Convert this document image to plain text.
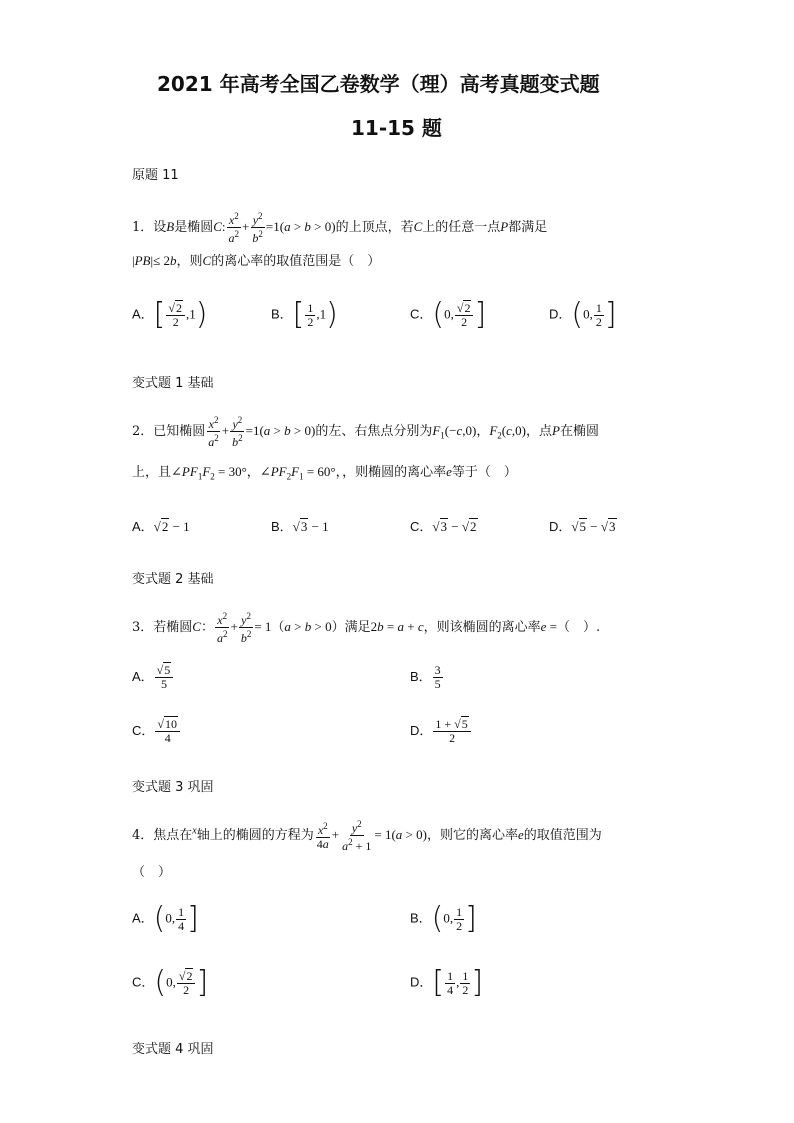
2021 年高考全国乙卷数学（理）高考真题变式题
11-15 题
原题 11
1．设B是椭圆C: $\frac{x^2}{a^2} + \frac{y^2}{b^2} =1(a > b > 0)$的上顶点，若C上的任意一点P都满足
|PB|≤ 2b，则C的离心率的取值范围是（　）
A．[ $\frac{√2}{2} ,1$)	B．[ $\frac{1}{2} ,1$)	C．(0, $\frac{√2}{2}$ ]	D．(0, $\frac{1}{2}$ ]
变式题 1 基础
2．已知椭圆 $\frac{x^2}{a^2} + \frac{y^2}{b^2} =1(a > b > 0)$的左、右焦点分别为$F_1(-c,0)$，$F_2(c,0)$，点P在椭圆
上，且$\angle PF_1F_2 = 30^\circ$，$\angle PF_2F_1 = 60^\circ$，，则椭圆的离心率e等于（　）
A．√2 − 1	B．√3 − 1	C．√3 − √2	D．√5 − √3
变式题 2 基础
3．若椭圆C： $\frac{x^2}{a^2} + \frac{y^2}{b^2} = 1(a > b > 0)$满足2b = a + c，则该椭圆的离心率e =（　）.
A． $\frac{√5}{5}$	B． $\frac{3}{5}$
C． $\frac{√10}{4}$	D． $\frac{1 + √5}{2}$
变式题 3 巩固
4．焦点在$^x$轴上的椭圆的方程为 $\frac{x^2}{4a} + \frac{y^2}{a^2 + 1} = 1(a > 0)$，则它的离心率e的取值范围为
（　）
A．(0, $\frac{1}{4}$ ]	B．(0, $\frac{1}{2}$ ]
C．(0, $\frac{√2}{2}$ ]	D．[ $\frac{1}{4}$ , $\frac{1}{2}$ ]
变式题 4 巩固
